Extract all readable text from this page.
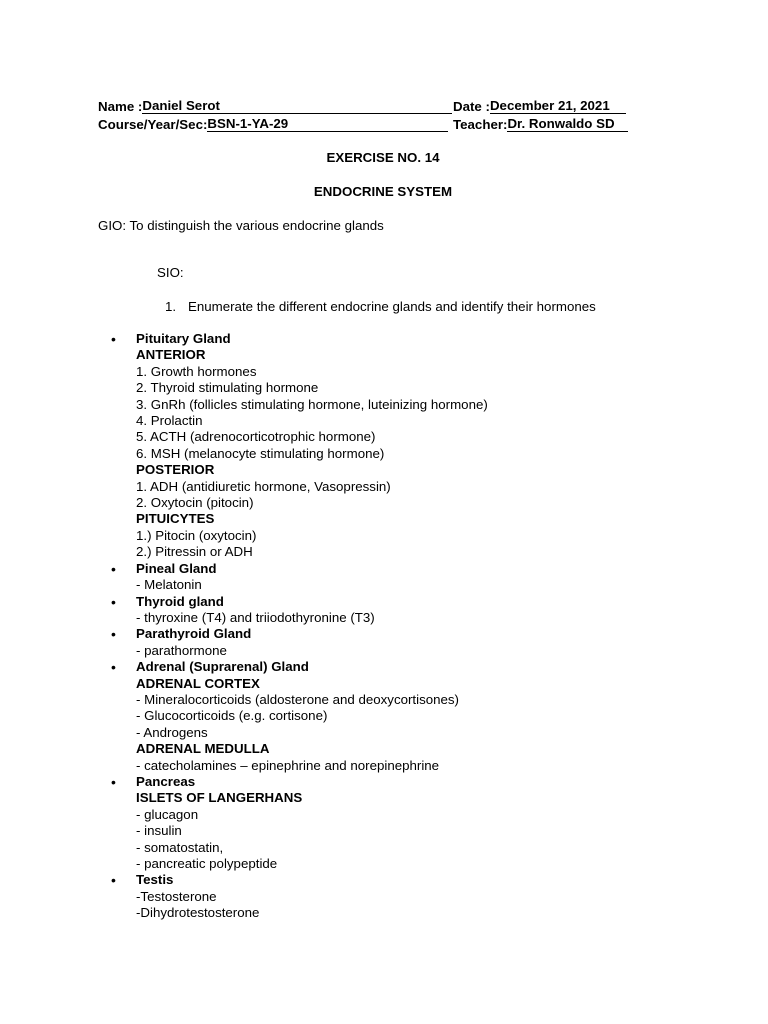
Name :Daniel Serot	Date :December 21, 2021
Course/Year/Sec:BSN-1-YA-29	Teacher:Dr. Ronwaldo SD
EXERCISE NO. 14
ENDOCRINE SYSTEM
GIO: To distinguish the various endocrine glands
SIO:
1. Enumerate the different endocrine glands and identify their hormones
•	Pituitary Gland
ANTERIOR
1. Growth hormones
2. Thyroid stimulating hormone
3. GnRh (follicles stimulating hormone, luteinizing hormone)
4. Prolactin
5. ACTH (adrenocorticotrophic hormone)
6. MSH (melanocyte stimulating hormone)
POSTERIOR
1. ADH (antidiuretic hormone, Vasopressin)
2. Oxytocin (pitocin)
PITUICYTES
1.) Pitocin (oxytocin)
2.) Pitressin or ADH
•	Pineal Gland
- Melatonin
•	Thyroid gland
- thyroxine (T4) and triiodothyronine (T3)
•	Parathyroid Gland
- parathormone
•	Adrenal (Suprarenal) Gland
ADRENAL CORTEX
- Mineralocorticoids (aldosterone and deoxycortisones)
- Glucocorticoids (e.g. cortisone)
- Androgens
ADRENAL MEDULLA
- catecholamines – epinephrine and norepinephrine
•	Pancreas
ISLETS OF LANGERHANS
- glucagon
- insulin
- somatostatin,
- pancreatic polypeptide
•	Testis
-Testosterone
-Dihydrotestosterone
